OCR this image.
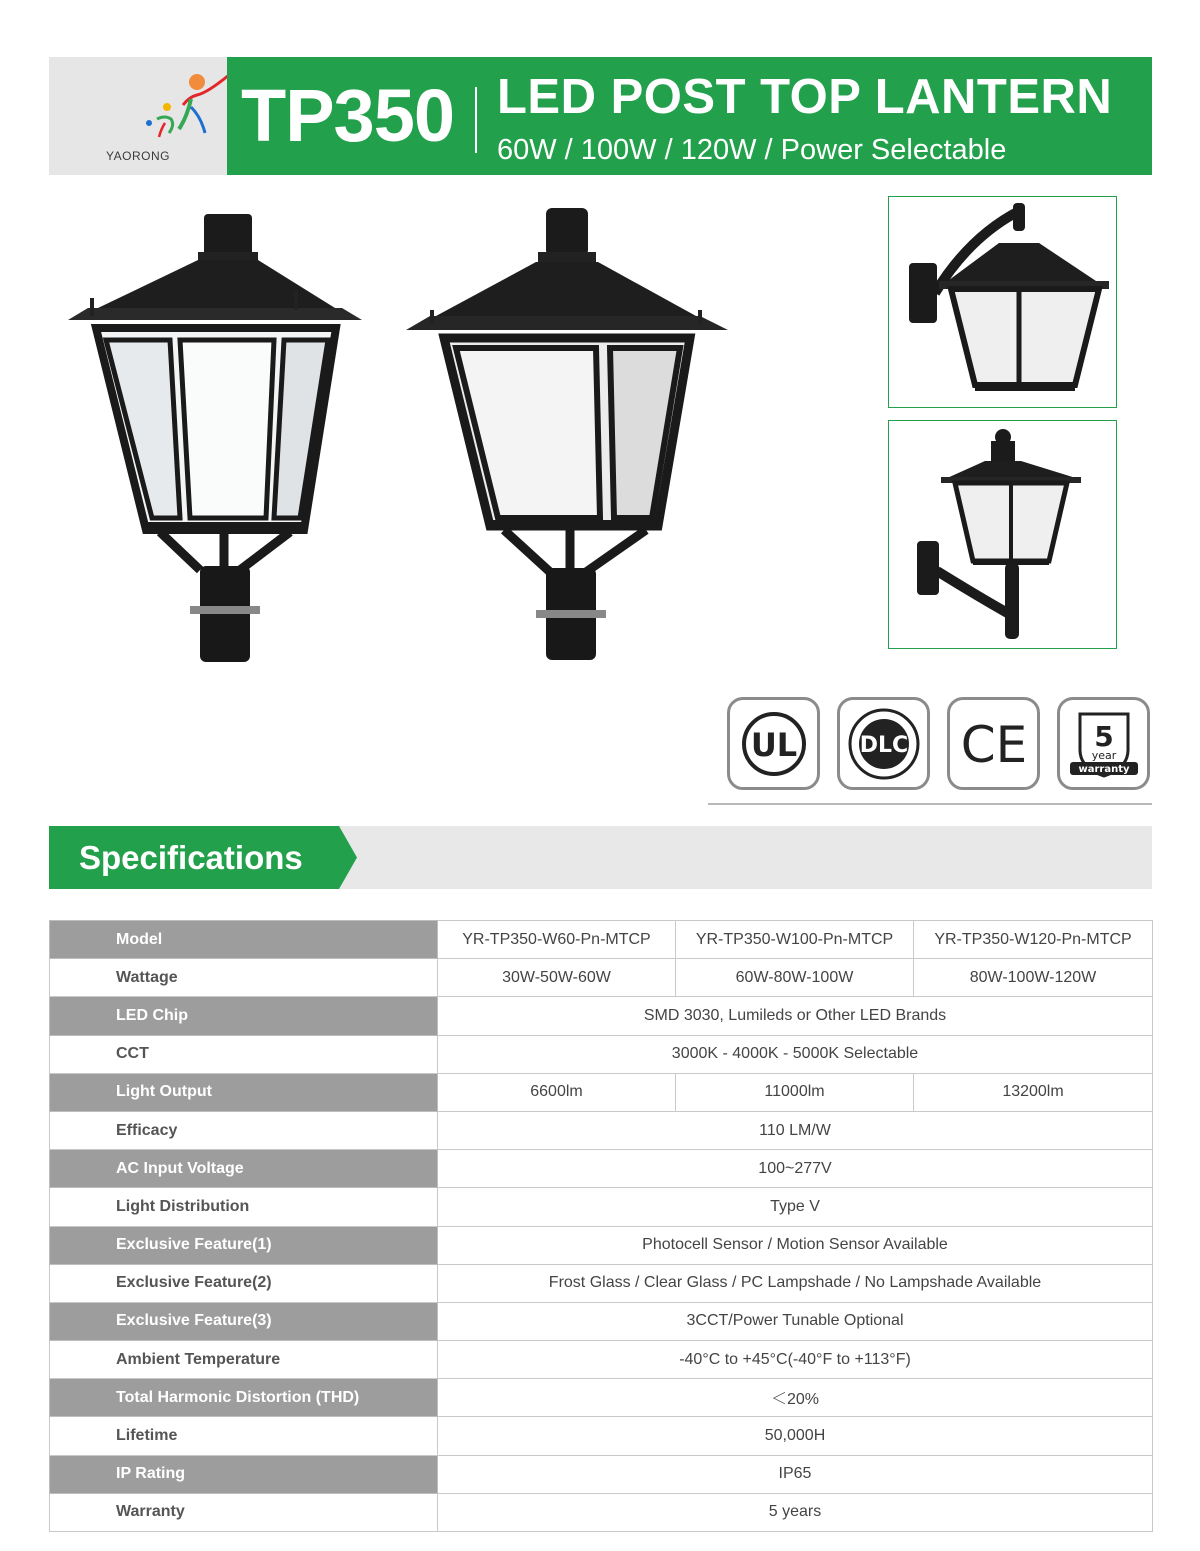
YAORONG TP350 LED POST TOP LANTERN
60W / 100W / 120W / Power Selectable
UL	DLC CE 5
year
warranty
Specifications
Model	YR-TP350-W60-Pn-MTCP	YR-TP350-W100-Pn-MTCP	YR-TP350-W120-Pn-MTCP
Wattage	30W-50W-60W	60W-80W-100W	80W-100W-120W
LED Chip	SMD 3030, Lumileds or Other LED Brands		
CCT	3000K - 4000K - 5000K Selectable		
Light Output	6600lm	11000lm	13200lm
Efficacy	110 LM/W		
AC Input Voltage	100~277V		
Light Distribution	Type V		
Exclusive Feature(1)	Photocell Sensor / Motion Sensor Available		
Exclusive Feature(2)	Frost Glass / Clear Glass / PC Lampshade / No Lampshade Available		
Exclusive Feature(3)	3CCT/Power Tunable Optional		
Ambient Temperature	-40°C to +45°C(-40°F to +113°F)		
Total Harmonic Distortion (THD)	＜20%		
Lifetime	50,000H		
IP Rating	IP65		
Warranty	5 years		
